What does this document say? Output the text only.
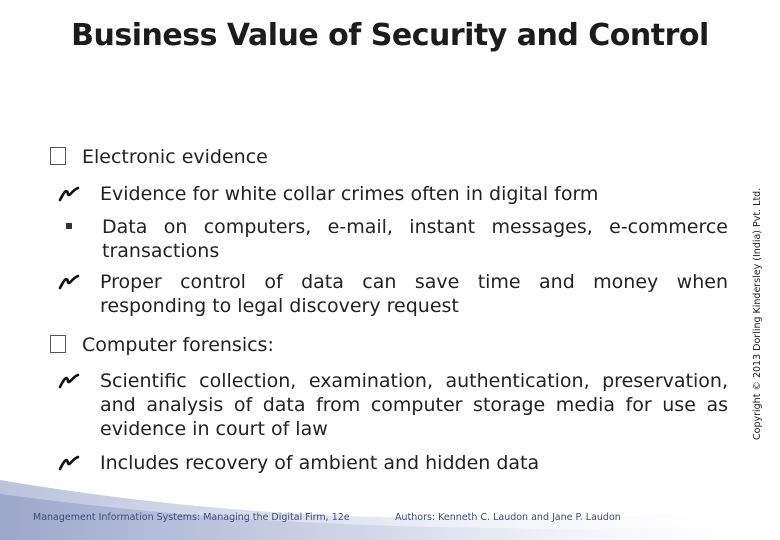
Business Value of Security and Control
Electronic evidence
Evidence for white collar crimes often in digital form
Data on computers, e-mail, instant messages, e-commerce transactions
Proper control of data can save time and money when responding to legal discovery request
Computer forensics:
Scientific collection, examination, authentication, preservation, and analysis of data from computer storage media for use as evidence in court of law
Includes recovery of ambient and hidden data
Copyright © 2013 Dorling Kindersley (India) Pvt. Ltd.
Management Information Systems: Managing the Digital Firm, 12e	Authors: Kenneth C. Laudon and Jane P. Laudon
